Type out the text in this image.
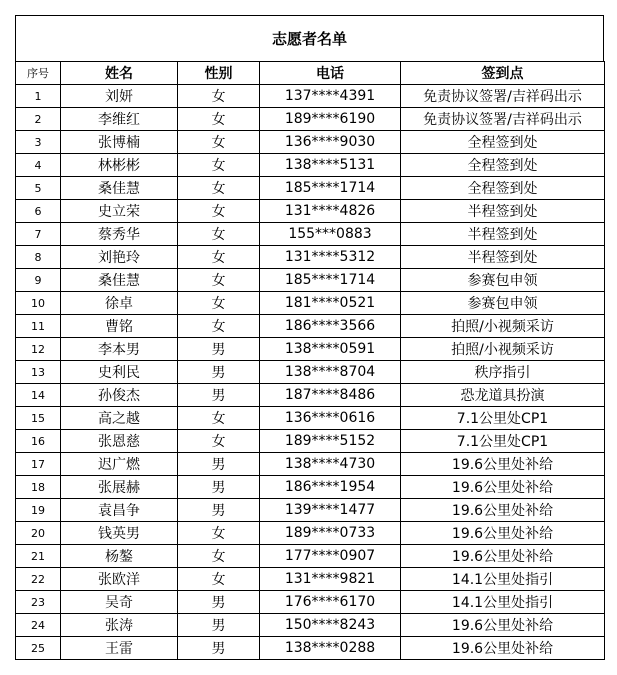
志愿者名单
序号	姓名	性别	电话	签到点
1	刘妍	女	137****4391	免责协议签署/吉祥码出示
2	李维红	女	189****6190	免责协议签署/吉祥码出示
3	张博楠	女	136****9030	全程签到处
4	林彬彬	女	138****5131	全程签到处
5	桑佳慧	女	185****1714	全程签到处
6	史立荣	女	131****4826	半程签到处
7	蔡秀华	女	155***0883	半程签到处
8	刘艳玲	女	131****5312	半程签到处
9	桑佳慧	女	185****1714	参赛包申领
10	徐卓	女	181****0521	参赛包申领
11	曹铭	女	186****3566	拍照/小视频采访
12	李本男	男	138****0591	拍照/小视频采访
13	史利民	男	138****8704	秩序指引
14	孙俊杰	男	187****8486	恐龙道具扮演
15	高之越	女	136****0616	7.1公里处CP1
16	张恩慈	女	189****5152	7.1公里处CP1
17	迟广燃	男	138****4730	19.6公里处补给
18	张展赫	男	186****1954	19.6公里处补给
19	袁昌争	男	139****1477	19.6公里处补给
20	钱英男	女	189****0733	19.6公里处补给
21	杨鏊	女	177****0907	19.6公里处补给
22	张欧洋	女	131****9821	14.1公里处指引
23	吴奇	男	176****6170	14.1公里处指引
24	张涛	男	150****8243	19.6公里处补给
25	王雷	男	138****0288	19.6公里处补给
